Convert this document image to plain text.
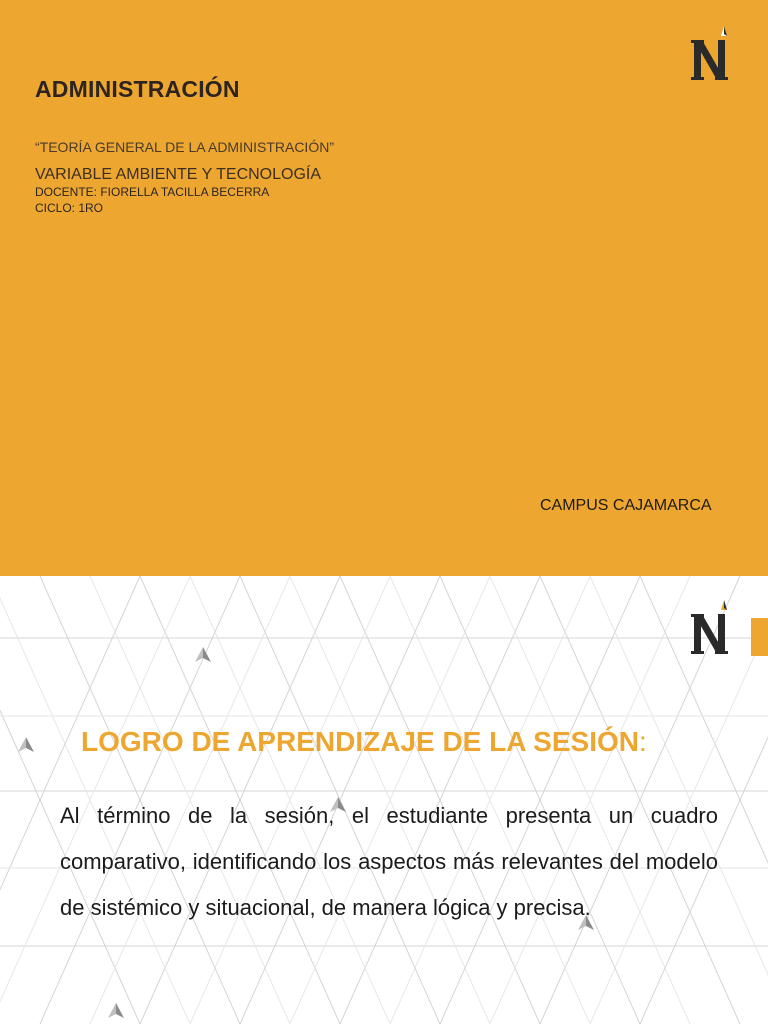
ADMINISTRACIÓN
“TEORÍA GENERAL DE LA ADMINISTRACIÓN”
VARIABLE AMBIENTE Y TECNOLOGÍA
DOCENTE: FIORELLA TACILLA BECERRA
CICLO: 1RO
CAMPUS CAJAMARCA
LOGRO DE APRENDIZAJE DE LA SESIÓN:
Al término de la sesión, el estudiante presenta un cuadro comparativo, identificando los aspectos más relevantes del modelo de sistémico y situacional, de manera lógica y precisa.
